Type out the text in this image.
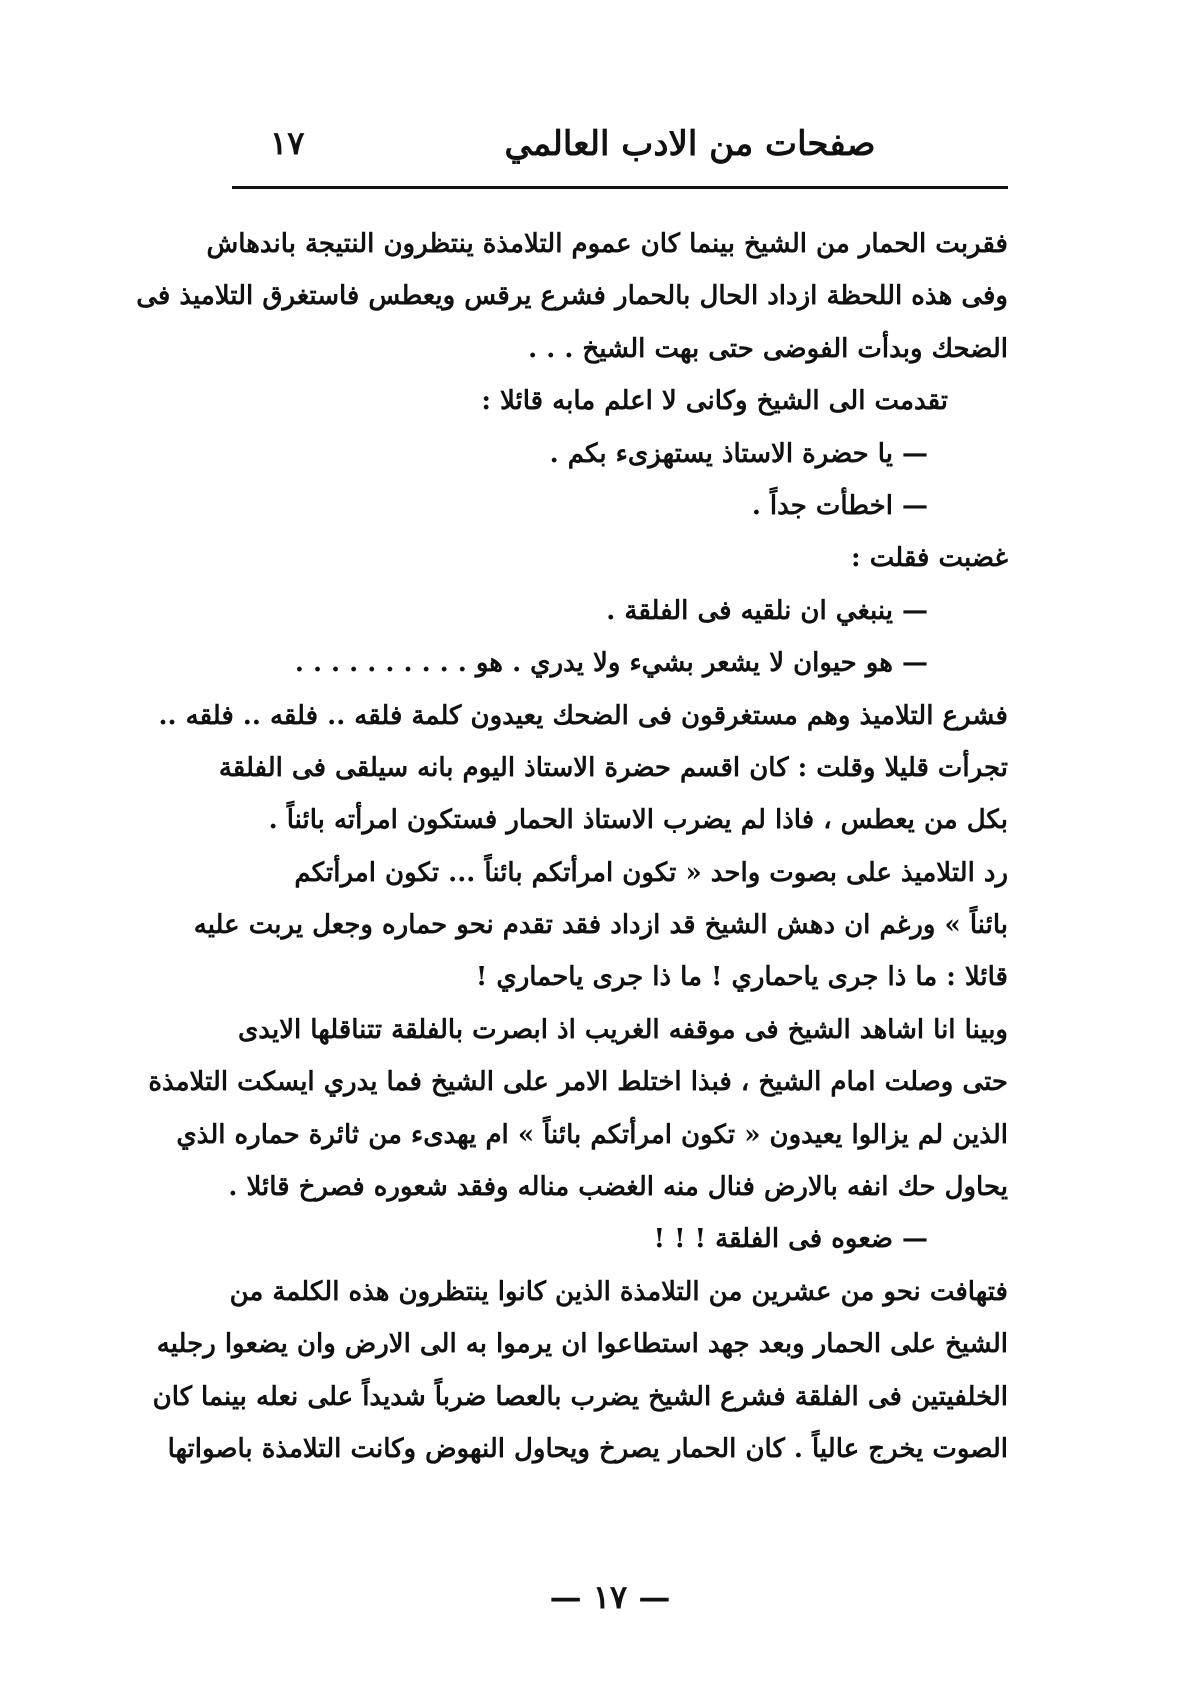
صفحات من الادب العالمي
١٧
فقربت الحمار من الشيخ بينما كان عموم التلامذة ينتظرون النتيجة باندهاش
وفى هذه اللحظة ازداد الحال بالحمار فشرع يرقس ويعطس فاستغرق التلاميذ فى
الضحك وبدأت الفوضى حتى بهت الشيخ . . .
تقدمت الى الشيخ وكانى لا اعلم مابه قائلا :
— يا حضرة الاستاذ يستهزىء بكم .
— اخطأت جداً .
غضبت فقلت :
— ينبغي ان نلقيه فى الفلقة .
— هو حيوان لا يشعر بشيء ولا يدري . هو . . . . . . . . . .
فشرع التلاميذ وهم مستغرقون فى الضحك يعيدون كلمة فلقه .. فلقه .. فلقه ..
تجرأت قليلا وقلت : كان اقسم حضرة الاستاذ اليوم بانه سيلقى فى الفلقة
بكل من يعطس ، فاذا لم يضرب الاستاذ الحمار فستكون امرأته بائناً .
رد التلاميذ على بصوت واحد « تكون امرأتكم بائناً ... تكون امرأتكم
بائناً » ورغم ان دهش الشيخ قد ازداد فقد تقدم نحو حماره وجعل يربت عليه
قائلا : ما ذا جرى ياحماري ! ما ذا جرى ياحماري !
وبينا انا اشاهد الشيخ فى موقفه الغريب اذ ابصرت بالفلقة تتناقلها الايدى
حتى وصلت امام الشيخ ، فبذا اختلط الامر على الشيخ فما يدري ايسكت التلامذة
الذين لم يزالوا يعيدون « تكون امرأتكم بائناً » ام يهدىء من ثائرة حماره الذي
يحاول حك انفه بالارض فنال منه الغضب مناله وفقد شعوره فصرخ قائلا .
— ضعوه فى الفلقة ! ! !
فتهافت نحو من عشرين من التلامذة الذين كانوا ينتظرون هذه الكلمة من
الشيخ على الحمار وبعد جهد استطاعوا ان يرموا به الى الارض وان يضعوا رجليه
الخلفيتين فى الفلقة فشرع الشيخ يضرب بالعصا ضرباً شديداً على نعله بينما كان
الصوت يخرج عالياً . كان الحمار يصرخ ويحاول النهوض وكانت التلامذة باصواتها
— ١٧ —
